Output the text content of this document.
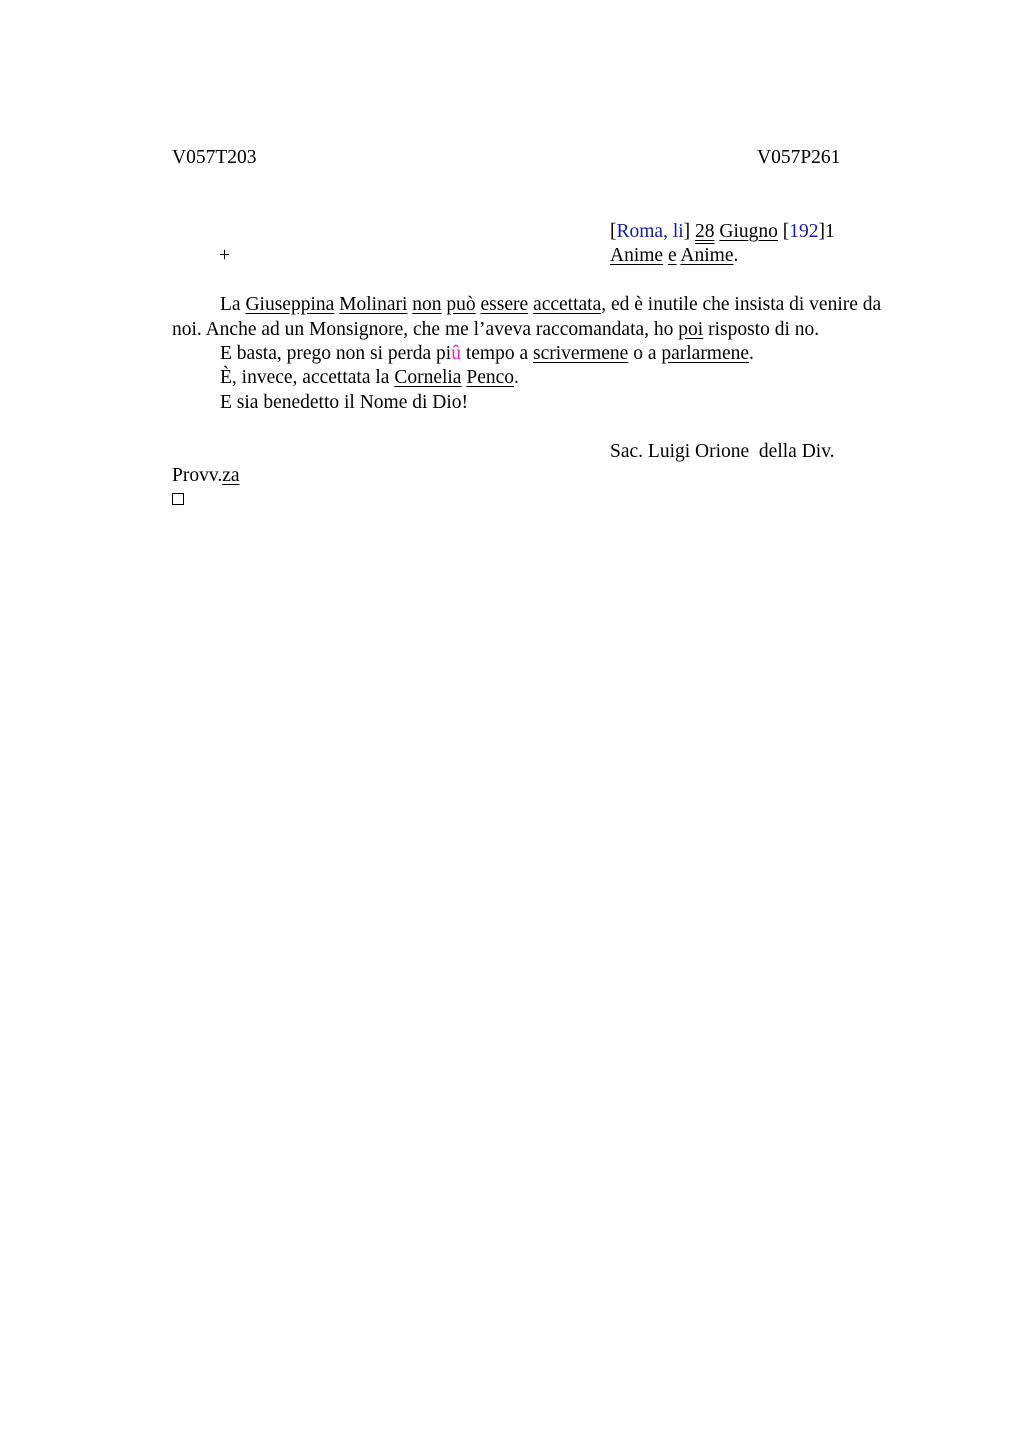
V057T203	V057P261
[Roma, li] 28 Giugno [192]1
+	Anime e Anime.
La Giuseppina Molinari non può essere accettata, ed è inutile che insista di venire da noi. Anche ad un Monsignore, che me l’aveva raccomandata, ho poi risposto di no.
E basta, prego non si perda piû tempo a scrivermene o a parlarmene.
È, invece, accettata la Cornelia Penco.
E sia benedetto il Nome di Dio!
Sac. Luigi Orione  della Div.
Provv.za
